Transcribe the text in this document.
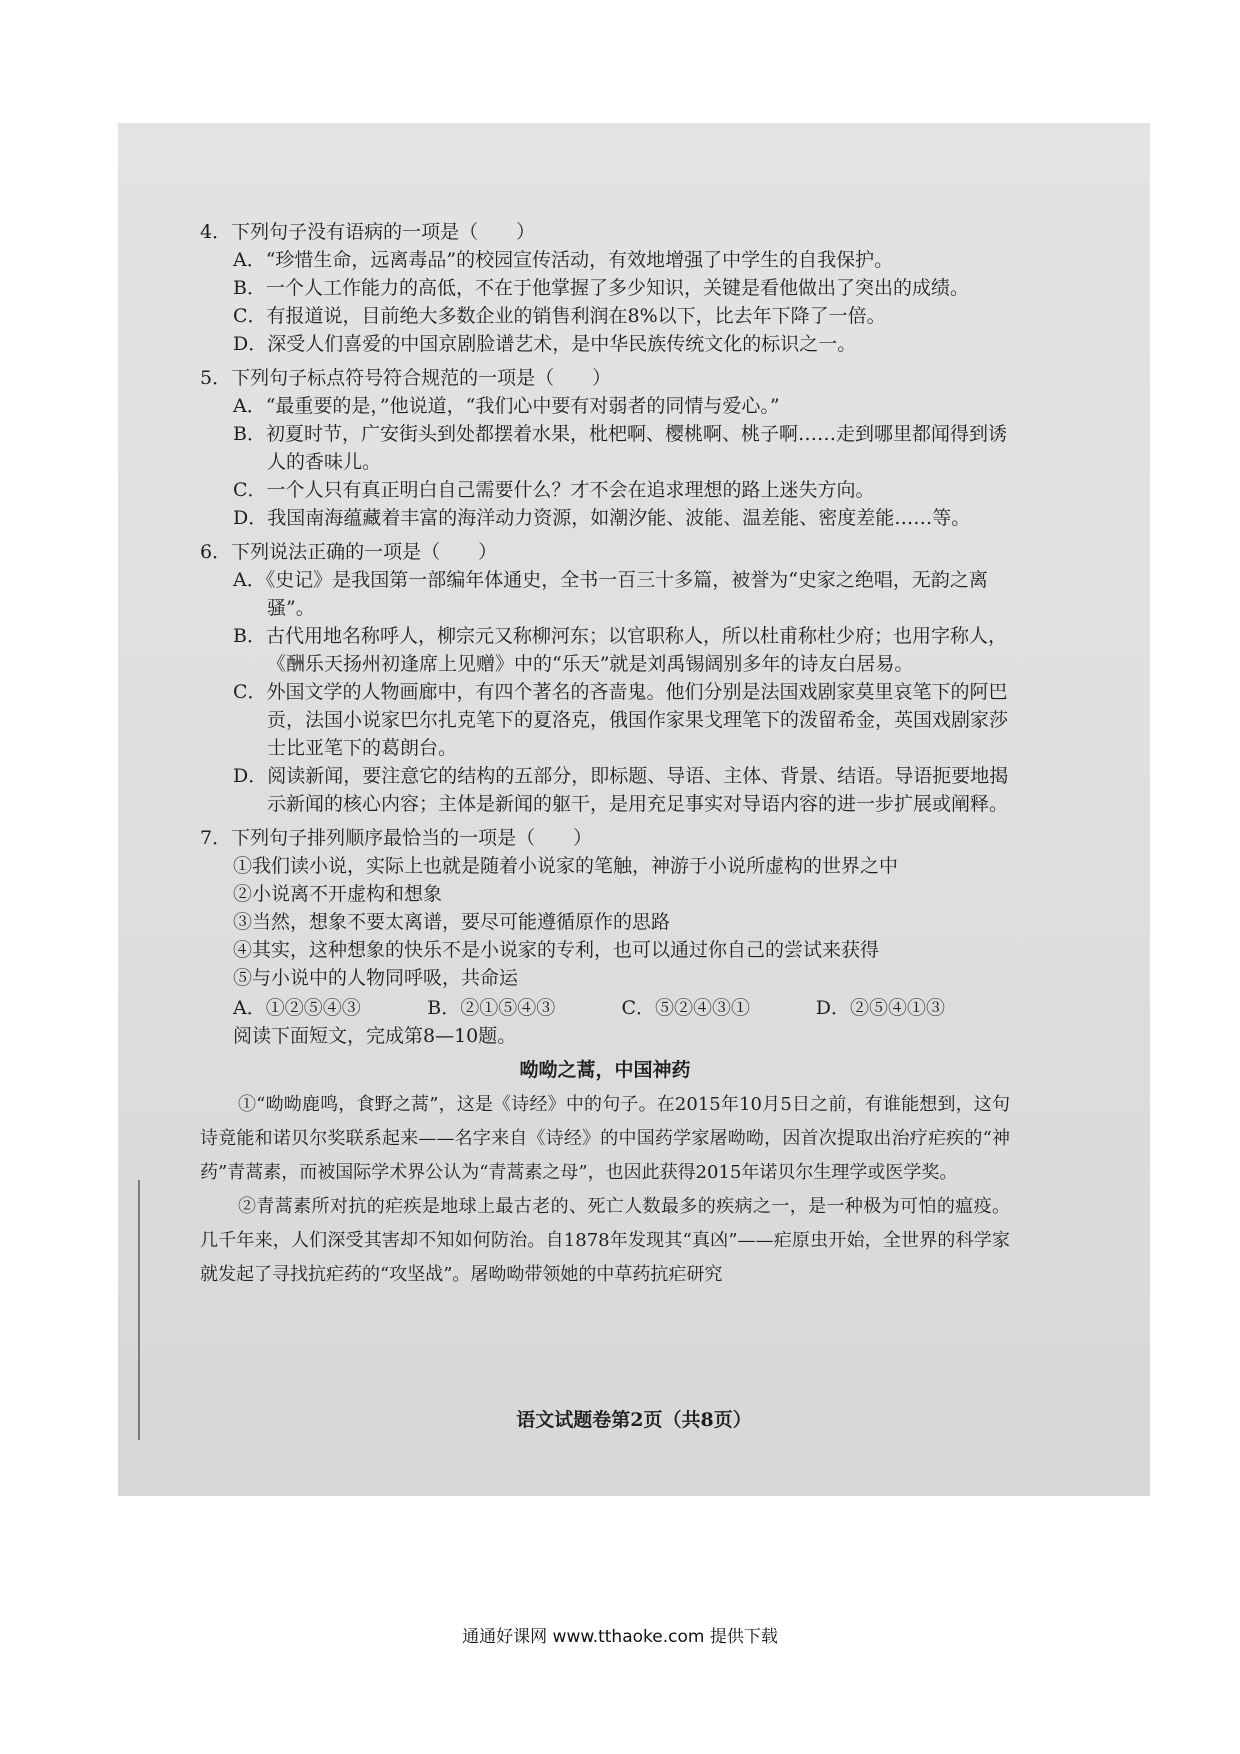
4．下列句子没有语病的一项是（　　）

A．“珍惜生命，远离毒品”的校园宣传活动，有效地增强了中学生的自我保护。

B．一个人工作能力的高低，不在于他掌握了多少知识，关键是看他做出了突出的成绩。

C．有报道说，目前绝大多数企业的销售利润在8%以下，比去年下降了一倍。

D．深受人们喜爱的中国京剧脸谱艺术，是中华民族传统文化的标识之一。

5．下列句子标点符号符合规范的一项是（　　）

A．“最重要的是，”他说道，“我们心中要有对弱者的同情与爱心。”

B．初夏时节，广安街头到处都摆着水果，枇杷啊、樱桃啊、桃子啊……走到哪里都闻得到诱人的香味儿。

C．一个人只有真正明白自己需要什么？才不会在追求理想的路上迷失方向。

D．我国南海蕴藏着丰富的海洋动力资源，如潮汐能、波能、温差能、密度差能……等。

6．下列说法正确的一项是（　　）

A．《史记》是我国第一部编年体通史，全书一百三十多篇，被誉为“史家之绝唱，无韵之离骚”。

B．古代用地名称呼人，柳宗元又称柳河东；以官职称人，所以杜甫称杜少府；也用字称人，《酬乐天扬州初逢席上见赠》中的“乐天”就是刘禹锡阔别多年的诗友白居易。

C．外国文学的人物画廊中，有四个著名的吝啬鬼。他们分别是法国戏剧家莫里哀笔下的阿巴贡，法国小说家巴尔扎克笔下的夏洛克，俄国作家果戈理笔下的泼留希金，英国戏剧家莎士比亚笔下的葛朗台。

D．阅读新闻，要注意它的结构的五部分，即标题、导语、主体、背景、结语。导语扼要地揭示新闻的核心内容；主体是新闻的躯干，是用充足事实对导语内容的进一步扩展或阐释。

7．下列句子排列顺序最恰当的一项是（　　）

①我们读小说，实际上也就是随着小说家的笔触，神游于小说所虚构的世界之中

②小说离不开虚构和想象

③当然，想象不要太离谱，要尽可能遵循原作的思路

④其实，这种想象的快乐不是小说家的专利，也可以通过你自己的尝试来获得

⑤与小说中的人物同呼吸，共命运

A．①②⑤④③	B．②①⑤④③	C．⑤②④③①	D．②⑤④①③

阅读下面短文，完成第8—10题。

呦呦之蒿，中国神药

①“呦呦鹿鸣，食野之蒿”，这是《诗经》中的句子。在2015年10月5日之前，有谁能想到，这句诗竟能和诺贝尔奖联系起来——名字来自《诗经》的中国药学家屠呦呦，因首次提取出治疗疟疾的“神药”青蒿素，而被国际学术界公认为“青蒿素之母”，也因此获得2015年诺贝尔生理学或医学奖。

②青蒿素所对抗的疟疾是地球上最古老的、死亡人数最多的疾病之一，是一种极为可怕的瘟疫。几千年来，人们深受其害却不知如何防治。自1878年发现其“真凶”——疟原虫开始，全世界的科学家就发起了寻找抗疟药的“攻坚战”。屠呦呦带领她的中草药抗疟研究

语文试题卷第2页（共8页）
通通好课网 www.tthaoke.com 提供下载
